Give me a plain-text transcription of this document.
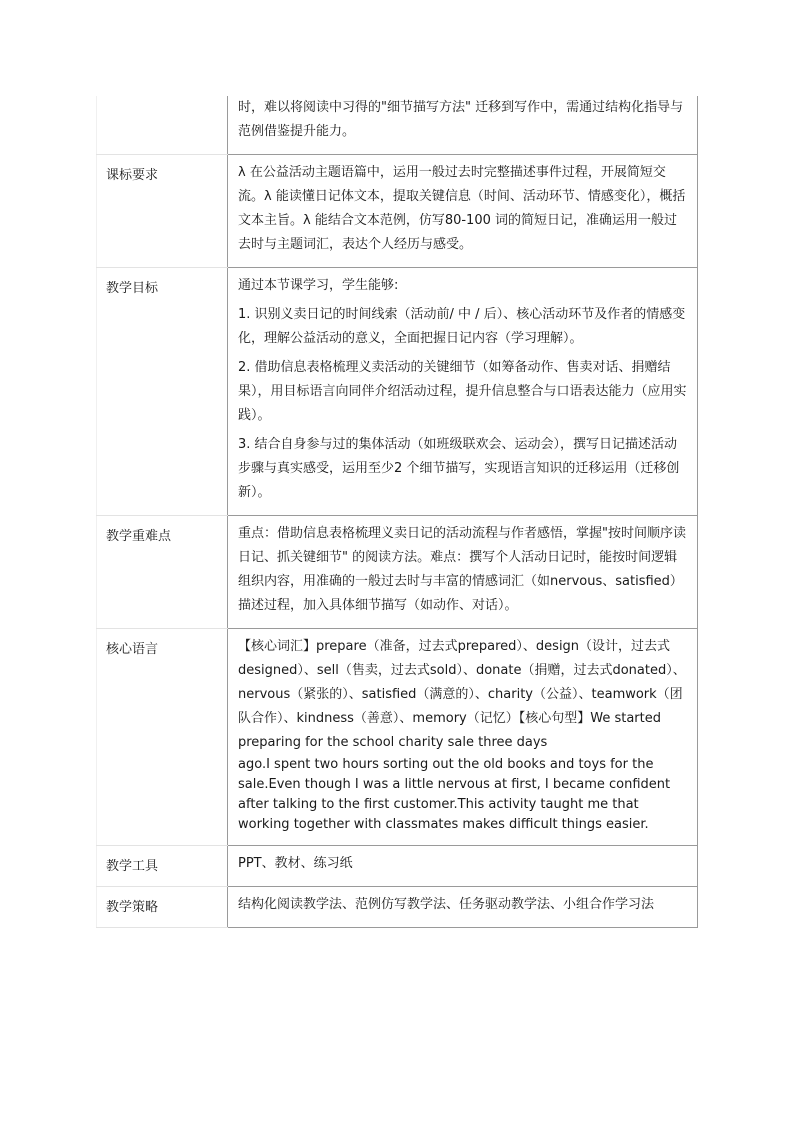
	时，难以将阅读中习得的"细节描写方法" 迁移到写作中，需通过结构化指导与范例借鉴提升能力。

课标要求	λ 在公益活动主题语篇中，运用一般过去时完整描述事件过程，开展简短交流。λ 能读懂日记体文本，提取关键信息（时间、活动环节、情感变化），概括文本主旨。λ 能结合文本范例，仿写80-100 词的简短日记，准确运用一般过去时与主题词汇，表达个人经历与感受。

教学目标	通过本节课学习，学生能够:

1. 识别义卖日记的时间线索（活动前/ 中 / 后）、核心活动环节及作者的情感变化，理解公益活动的意义，全面把握日记内容（学习理解）。

2. 借助信息表格梳理义卖活动的关键细节（如筹备动作、售卖对话、捐赠结果），用目标语言向同伴介绍活动过程，提升信息整合与口语表达能力（应用实践）。

3. 结合自身参与过的集体活动（如班级联欢会、运动会），撰写日记描述活动步骤与真实感受，运用至少2 个细节描写，实现语言知识的迁移运用（迁移创新）。

教学重难点	重点：借助信息表格梳理义卖日记的活动流程与作者感悟，掌握"按时间顺序读日记、抓关键细节" 的阅读方法。难点：撰写个人活动日记时，能按时间逻辑组织内容，用准确的一般过去时与丰富的情感词汇（如nervous、satisfied）描述过程，加入具体细节描写（如动作、对话）。

核心语言	【核心词汇】prepare（准备，过去式prepared）、design（设计，过去式 designed）、sell（售卖，过去式sold）、donate（捐赠，过去式donated）、nervous（紧张的）、satisfied（满意的）、charity（公益）、teamwork（团队合作）、kindness（善意）、memory（记忆）【核心句型】We started preparing for the school charity sale three days

ago.I spent two hours sorting out the old books and toys for the sale.Even though I was a little nervous at first, I became confident after talking to the first customer.This activity taught me that working together with classmates makes difficult things easier.

教学工具	PPT、教材、练习纸

教学策略	结构化阅读教学法、范例仿写教学法、任务驱动教学法、小组合作学习法
